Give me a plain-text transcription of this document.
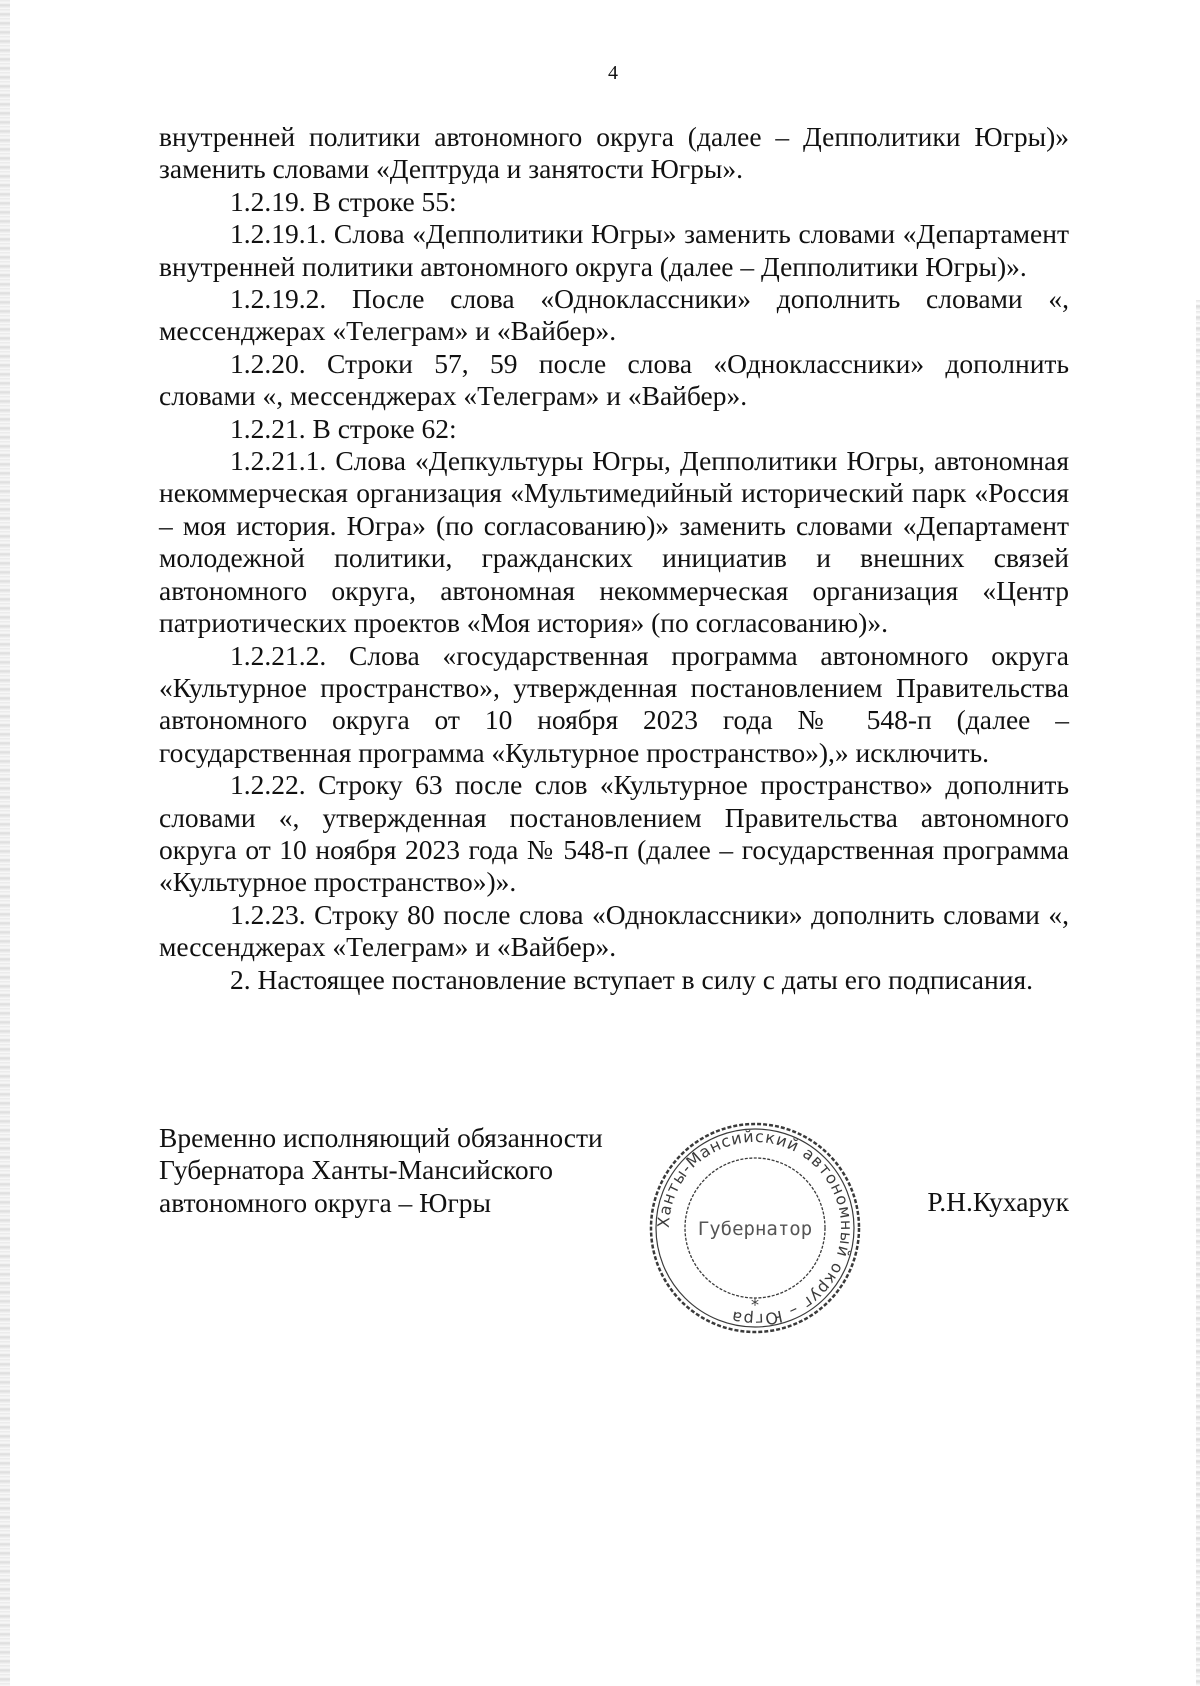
4

внутренней политики автономного округа (далее – Депполитики Югры)» заменить словами «Дептруда и занятости Югры».

1.2.19. В строке 55:

1.2.19.1. Слова «Депполитики Югры» заменить словами «Департамент внутренней политики автономного округа (далее – Депполитики Югры)».

1.2.19.2. После слова «Одноклассники» дополнить словами «, мессенджерах «Телеграм» и «Вайбер».

1.2.20. Строки 57, 59 после слова «Одноклассники» дополнить словами «, мессенджерах «Телеграм» и «Вайбер».

1.2.21. В строке 62:

1.2.21.1. Слова «Депкультуры Югры, Депполитики Югры, автономная некоммерческая организация «Мультимедийный исторический парк «Россия – моя история. Югра» (по согласованию)» заменить словами «Департамент молодежной политики, гражданских инициатив и внешних связей автономного округа, автономная некоммерческая организация «Центр патриотических проектов «Моя история» (по согласованию)».

1.2.21.2. Слова «государственная программа автономного округа «Культурное пространство», утвержденная постановлением Правительства автономного округа от 10 ноября 2023 года № 548-п (далее – государственная программа «Культурное пространство»),» исключить.

1.2.22. Строку 63 после слов «Культурное пространство» дополнить словами «, утвержденная постановлением Правительства автономного округа от 10 ноября 2023 года № 548-п (далее – государственная программа «Культурное пространство»)».

1.2.23. Строку 80 после слова «Одноклассники» дополнить словами «, мессенджерах «Телеграм» и «Вайбер».

2. Настоящее постановление вступает в силу с даты его подписания.

Временно исполняющий обязанности
Губернатора Ханты-Мансийского
автономного округа – Югры
Ханты-Мансийский автономный округ – Югра
Губернатор
*
Р.Н.Кухарук
